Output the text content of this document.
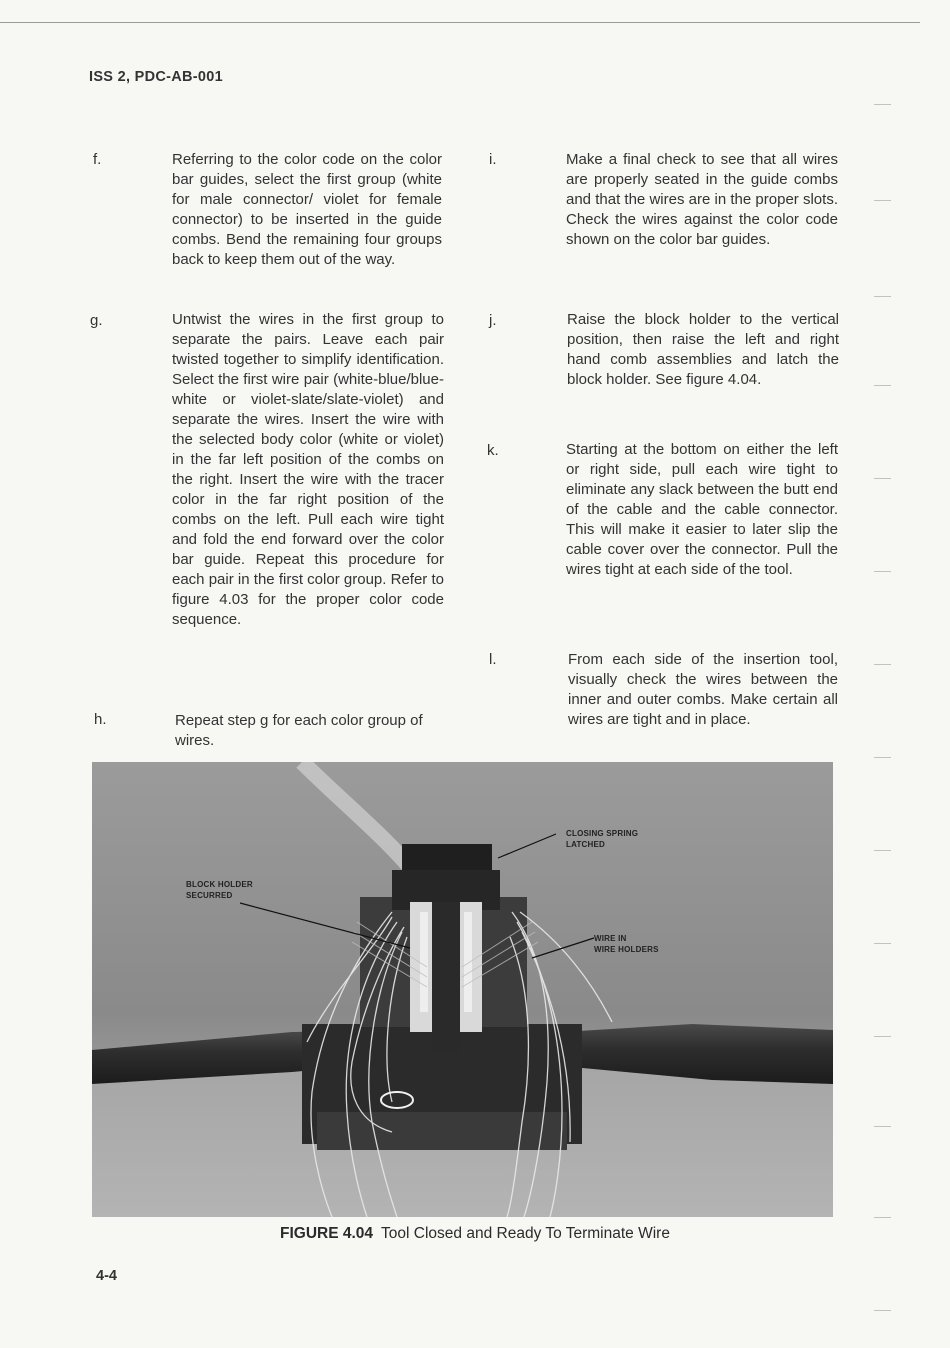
ISS 2, PDC-AB-001
f.	Referring to the color code on the color bar guides, select the first group (white for male connector/ violet for female connector) to be inserted in the guide combs. Bend the remaining four groups back to keep them out of the way.
g.	Untwist the wires in the first group to separate the pairs. Leave each pair twisted together to simplify identification. Select the first wire pair (white-blue/blue-white or violet-slate/slate-violet) and separate the wires. Insert the wire with the selected body color (white or violet) in the far left position of the combs on the right. Insert the wire with the tracer color in the far right position of the combs on the left. Pull each wire tight and fold the end forward over the color bar guide. Repeat this procedure for each pair in the first color group. Refer to figure 4.03 for the proper color code sequence.
h.	Repeat step g for each color group of wires.
i.	Make a final check to see that all wires are properly seated in the guide combs and that the wires are in the proper slots. Check the wires against the color code shown on the color bar guides.
j.	Raise the block holder to the vertical position, then raise the left and right hand comb assemblies and latch the block holder. See figure 4.04.
k.	Starting at the bottom on either the left or right side, pull each wire tight to eliminate any slack between the butt end of the cable and the cable connector. This will make it easier to later slip the cable cover over the connector. Pull the wires tight at each side of the tool.
l.	From each side of the insertion tool, visually check the wires between the inner and outer combs. Make certain all wires are tight and in place.
CLOSING SPRING
LATCHED
BLOCK HOLDER
SECURRED
WIRE IN
WIRE HOLDERS
FIGURE 4.04 Tool Closed and Ready To Terminate Wire
4-4
